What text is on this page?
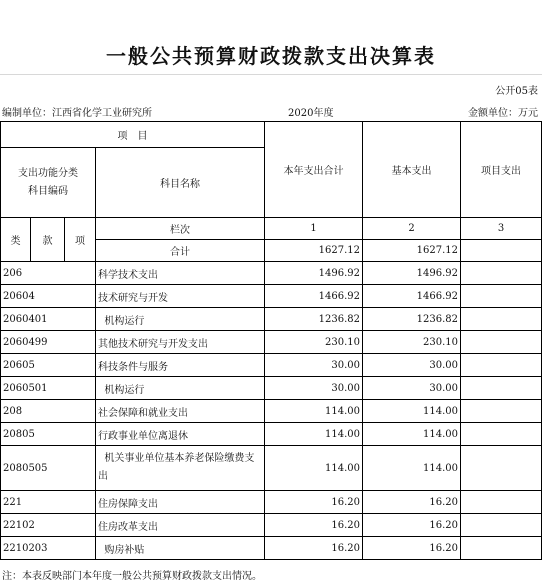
一般公共预算财政拨款支出决算表
公开05表
编制单位：江西省化学工业研究所	2020年度	金额单位：万元
项　目				本年支出合计	基本支出	项目支出

支出功能分类
科目编码			科目名称			

类	款	项	栏次	1	2	3
			合计	1627.12	1627.12	
206			科学技术支出	1496.92	1496.92	
20604			技术研究与开发	1466.92	1466.92	
2060401			机构运行	1236.82	1236.82	
2060499			其他技术研究与开发支出	230.10	230.10	
20605			科技条件与服务	30.00	30.00	
2060501			机构运行	30.00	30.00	
208			社会保障和就业支出	114.00	114.00	
20805			行政事业单位离退休	114.00	114.00	
2080505			机关事业单位基本养老保险缴费支出	114.00	114.00	
221			住房保障支出	16.20	16.20	
22102			住房改革支出	16.20	16.20	
2210203			购房补贴	16.20	16.20	
注：本表反映部门本年度一般公共预算财政拨款支出情况。
